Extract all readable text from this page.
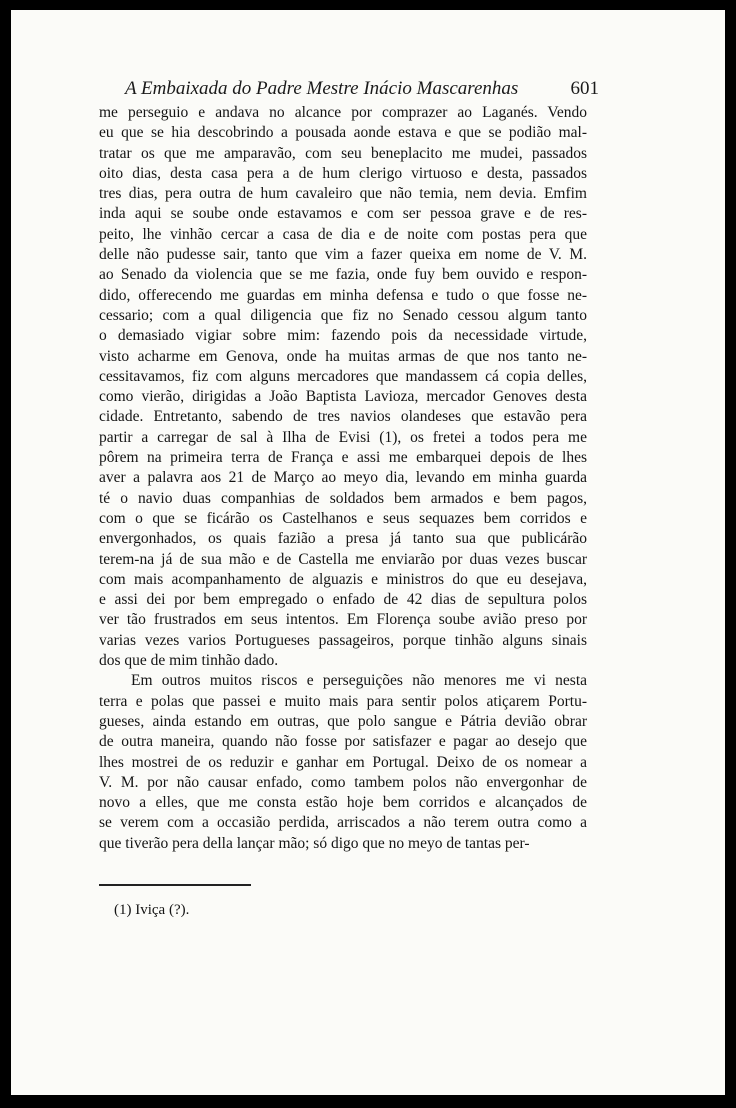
A Embaixada do Padre Mestre Inácio Mascarenhas	601
me perseguio e andava no alcance por comprazer ao Laganés. Vendo
eu que se hia descobrindo a pousada aonde estava e que se podião mal-
tratar os que me amparavão, com seu beneplacito me mudei, passados
oito dias, desta casa pera a de hum clerigo virtuoso e desta, passados
tres dias, pera outra de hum cavaleiro que não temia, nem devia. Emfim
inda aqui se soube onde estavamos e com ser pessoa grave e de res-
peito, lhe vinhão cercar a casa de dia e de noite com postas pera que
delle não pudesse sair, tanto que vim a fazer queixa em nome de V. M.
ao Senado da violencia que se me fazia, onde fuy bem ouvido e respon-
dido, offerecendo me guardas em minha defensa e tudo o que fosse ne-
cessario; com a qual diligencia que fiz no Senado cessou algum tanto
o demasiado vigiar sobre mim: fazendo pois da necessidade virtude,
visto acharme em Genova, onde ha muitas armas de que nos tanto ne-
cessitavamos, fiz com alguns mercadores que mandassem cá copia delles,
como vierão, dirigidas a João Baptista Lavioza, mercador Genoves desta
cidade. Entretanto, sabendo de tres navios olandeses que estavão pera
partir a carregar de sal à Ilha de Evisi (1), os fretei a todos pera me
pôrem na primeira terra de França e assi me embarquei depois de lhes
aver a palavra aos 21 de Março ao meyo dia, levando em minha guarda
té o navio duas companhias de soldados bem armados e bem pagos,
com o que se ficárão os Castelhanos e seus sequazes bem corridos e
envergonhados, os quais fazião a presa já tanto sua que publicárão
terem-na já de sua mão e de Castella me enviarão por duas vezes buscar
com mais acompanhamento de alguazis e ministros do que eu desejava,
e assi dei por bem empregado o enfado de 42 dias de sepultura polos
ver tão frustrados em seus intentos. Em Florença soube avião preso por
varias vezes varios Portugueses passageiros, porque tinhão alguns sinais
dos que de mim tinhão dado.
Em outros muitos riscos e perseguições não menores me vi nesta
terra e polas que passei e muito mais para sentir polos atiçarem Portu-
gueses, ainda estando em outras, que polo sangue e Pátria devião obrar
de outra maneira, quando não fosse por satisfazer e pagar ao desejo que
lhes mostrei de os reduzir e ganhar em Portugal. Deixo de os nomear a
V. M. por não causar enfado, como tambem polos não envergonhar de
novo a elles, que me consta estão hoje bem corridos e alcançados de
se verem com a occasião perdida, arriscados a não terem outra como a
que tiverão pera della lançar mão; só digo que no meyo de tantas per-
(1) Iviça (?).
